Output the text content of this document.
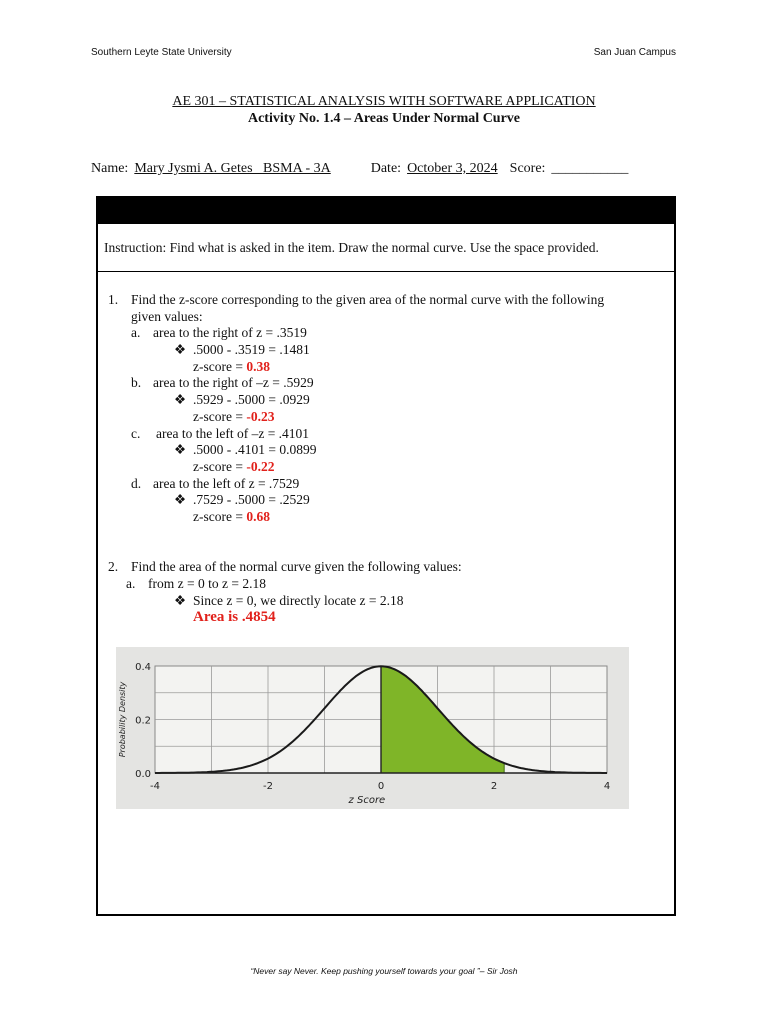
Southern Leyte State University	San Juan Campus
AE 301 – STATISTICAL ANALYSIS WITH SOFTWARE APPLICATION
Activity No. 1.4 – Areas Under Normal Curve
Name: Mary Jysmi A. Getes   BSMA - 3A	Date: October 3, 2024 Score: ___________
Instruction: Find what is asked in the item. Draw the normal curve. Use the space provided.
1. Find the z-score corresponding to the given area of the normal curve with the following
given values:
a. area to the right of z = .3519
❖ .5000 - .3519 = .1481
z-score = 0.38
b. area to the right of –z = .5929
❖ .5929 - .5000 = .0929
z-score = -0.23
c. area to the left of –z = .4101
❖ .5000 - .4101 = 0.0899
z-score = -0.22
d. area to the left of z = .7529
❖ .7529 - .5000 = .2529
z-score = 0.68
2. Find the area of the normal curve given the following values:
a. from z = 0 to z = 2.18
❖ Since z = 0, we directly locate z = 2.18
Area is .4854
-4	-2	0	2	4
0.0
0.2
0.4
z Score
Probability Density
“Never say Never. Keep pushing yourself towards your goal ”– Sir Josh
